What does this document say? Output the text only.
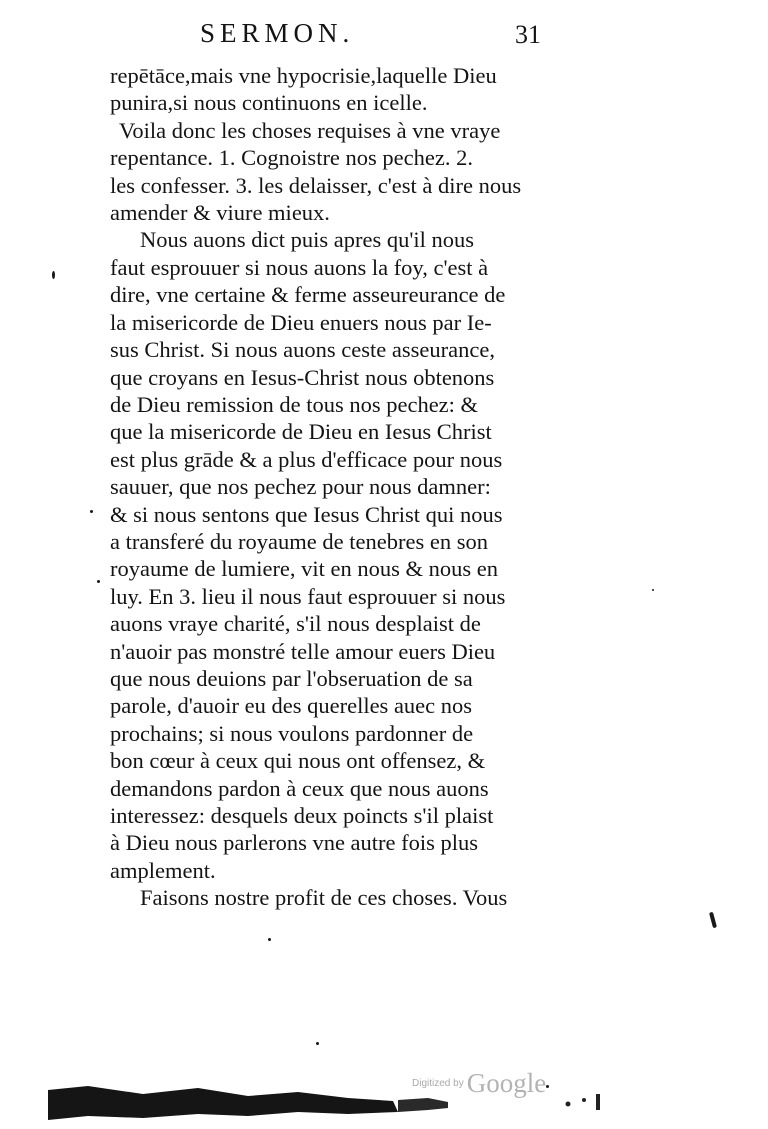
SERMON.	31
repētāce,mais vne hypocrisie,laquelle Dieu
punira,si nous continuons en icelle.
Voila donc les choses requises à vne vraye
repentance. 1. Cognoistre nos pechez. 2.
les confesser. 3. les delaisser, c'est à dire nous
amender & viure mieux.
Nous auons dict puis apres qu'il nous
faut esprouuer si nous auons la foy, c'est à
dire, vne certaine & ferme asseureurance de
la misericorde de Dieu enuers nous par Ie-
sus Christ. Si nous auons ceste asseurance,
que croyans en Iesus-Christ nous obtenons
de Dieu remission de tous nos pechez: &
que la misericorde de Dieu en Iesus Christ
est plus grāde & a plus d'efficace pour nous
sauuer, que nos pechez pour nous damner:
& si nous sentons que Iesus Christ qui nous
a transferé du royaume de tenebres en son
royaume de lumiere, vit en nous & nous en
luy. En 3. lieu il nous faut esprouuer si nous
auons vraye charité, s'il nous desplaist de
n'auoir pas monstré telle amour euers Dieu
que nous deuions par l'obseruation de sa
parole, d'auoir eu des querelles auec nos
prochains; si nous voulons pardonner de
bon cœur à ceux qui nous ont offensez, &
demandons pardon à ceux que nous auons
interessez: desquels deux poincts s'il plaist
à Dieu nous parlerons vne autre fois plus
amplement.
Faisons nostre profit de ces choses. Vous
Digitized by Google
